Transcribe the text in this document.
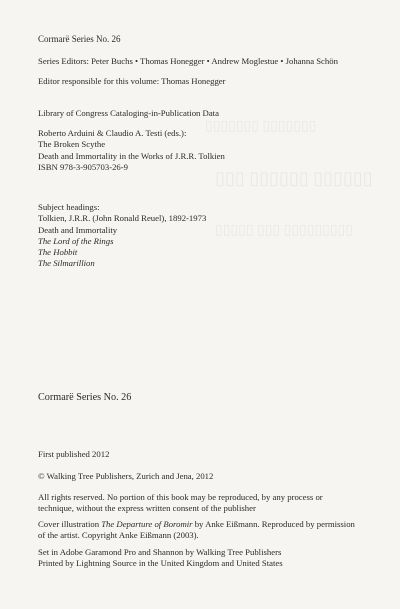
▯▯▯▯▯▯▯ ▯▯▯▯▯▯▯
▯▯▯ ▯▯▯▯▯▯ ▯▯▯▯▯▯
▯▯▯▯▯ ▯▯▯ ▯▯▯▯▯▯▯▯▯
Cormarë Series No. 26
Series Editors: Peter Buchs • Thomas Honegger • Andrew Moglestue • Johanna Schön
Editor responsible for this volume: Thomas Honegger
Library of Congress Cataloging-in-Publication Data
Roberto Arduini & Claudio A. Testi (eds.):
The Broken Scythe
Death and Immortality in the Works of J.R.R. Tolkien
ISBN 978-3-905703-26-9
Subject headings:
Tolkien, J.R.R. (John Ronald Reuel), 1892-1973
Death and Immortality
The Lord of the Rings
The Hobbit
The Silmarillion
Cormarë Series No. 26
First published 2012
© Walking Tree Publishers, Zurich and Jena, 2012
All rights reserved. No portion of this book may be reproduced, by any process or
technique, without the express written consent of the publisher
Cover illustration The Departure of Boromir by Anke Eißmann. Reproduced by permission
of the artist. Copyright Anke Eißmann (2003).
Set in Adobe Garamond Pro and Shannon by Walking Tree Publishers
Printed by Lightning Source in the United Kingdom and United States
